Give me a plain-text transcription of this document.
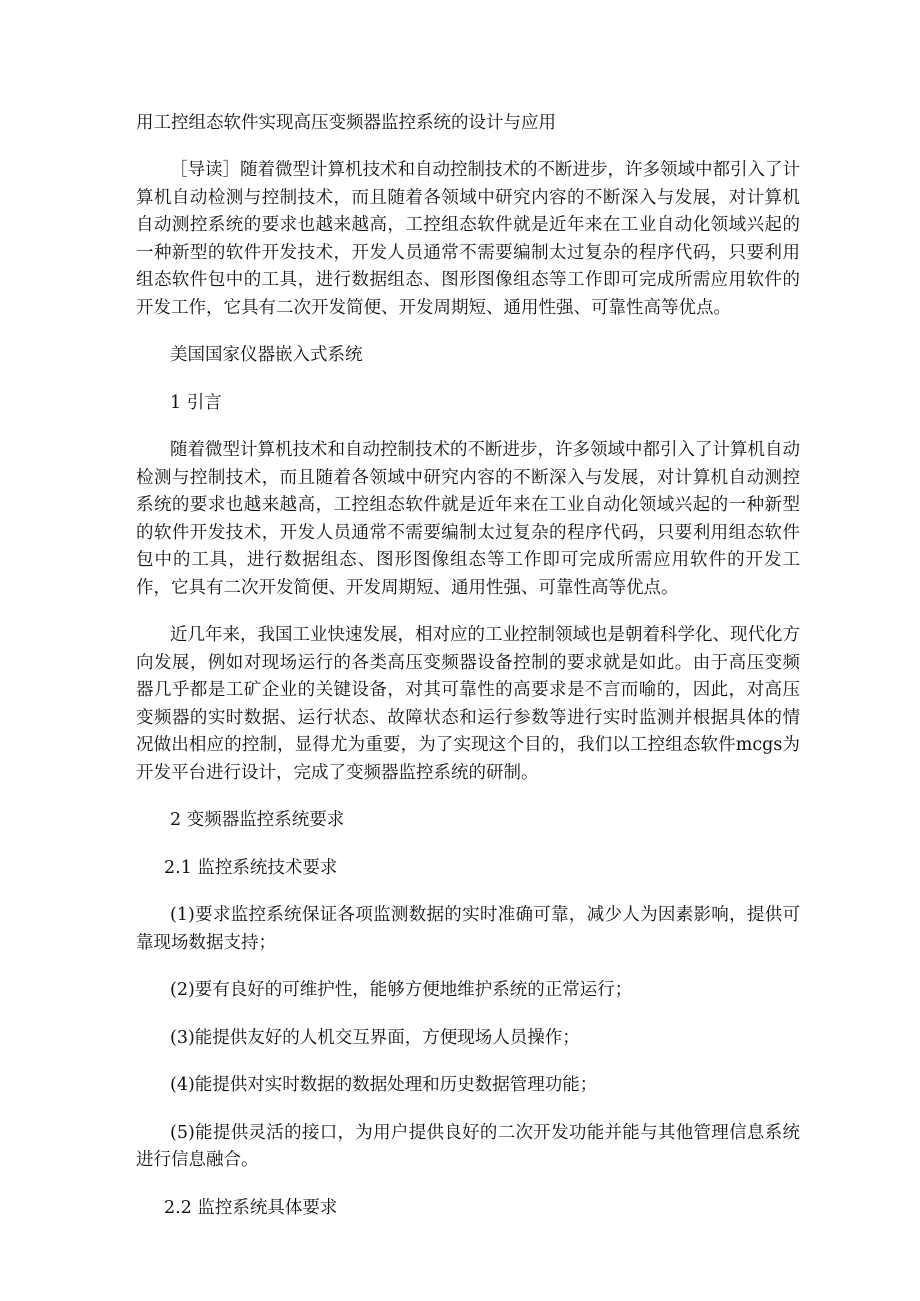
用工控组态软件实现高压变频器监控系统的设计与应用

［导读］随着微型计算机技术和自动控制技术的不断进步，许多领域中都引入了计算机自动检测与控制技术，而且随着各领域中研究内容的不断深入与发展，对计算机自动测控系统的要求也越来越高，工控组态软件就是近年来在工业自动化领域兴起的一种新型的软件开发技术，开发人员通常不需要编制太过复杂的程序代码，只要利用组态软件包中的工具，进行数据组态、图形图像组态等工作即可完成所需应用软件的开发工作，它具有二次开发简便、开发周期短、通用性强、可靠性高等优点。

美国国家仪器嵌入式系统

1 引言

随着微型计算机技术和自动控制技术的不断进步，许多领域中都引入了计算机自动检测与控制技术，而且随着各领域中研究内容的不断深入与发展，对计算机自动测控系统的要求也越来越高，工控组态软件就是近年来在工业自动化领域兴起的一种新型的软件开发技术，开发人员通常不需要编制太过复杂的程序代码，只要利用组态软件包中的工具，进行数据组态、图形图像组态等工作即可完成所需应用软件的开发工作，它具有二次开发简便、开发周期短、通用性强、可靠性高等优点。

近几年来，我国工业快速发展，相对应的工业控制领域也是朝着科学化、现代化方向发展，例如对现场运行的各类高压变频器设备控制的要求就是如此。由于高压变频器几乎都是工矿企业的关键设备，对其可靠性的高要求是不言而喻的，因此，对高压变频器的实时数据、运行状态、故障状态和运行参数等进行实时监测并根据具体的情况做出相应的控制，显得尤为重要，为了实现这个目的，我们以工控组态软件mcgs为开发平台进行设计，完成了变频器监控系统的研制。

2 变频器监控系统要求

2.1 监控系统技术要求

(1)要求监控系统保证各项监测数据的实时准确可靠，减少人为因素影响，提供可靠现场数据支持；

(2)要有良好的可维护性，能够方便地维护系统的正常运行；

(3)能提供友好的人机交互界面，方便现场人员操作；

(4)能提供对实时数据的数据处理和历史数据管理功能；

(5)能提供灵活的接口，为用户提供良好的二次开发功能并能与其他管理信息系统进行信息融合。

2.2 监控系统具体要求
